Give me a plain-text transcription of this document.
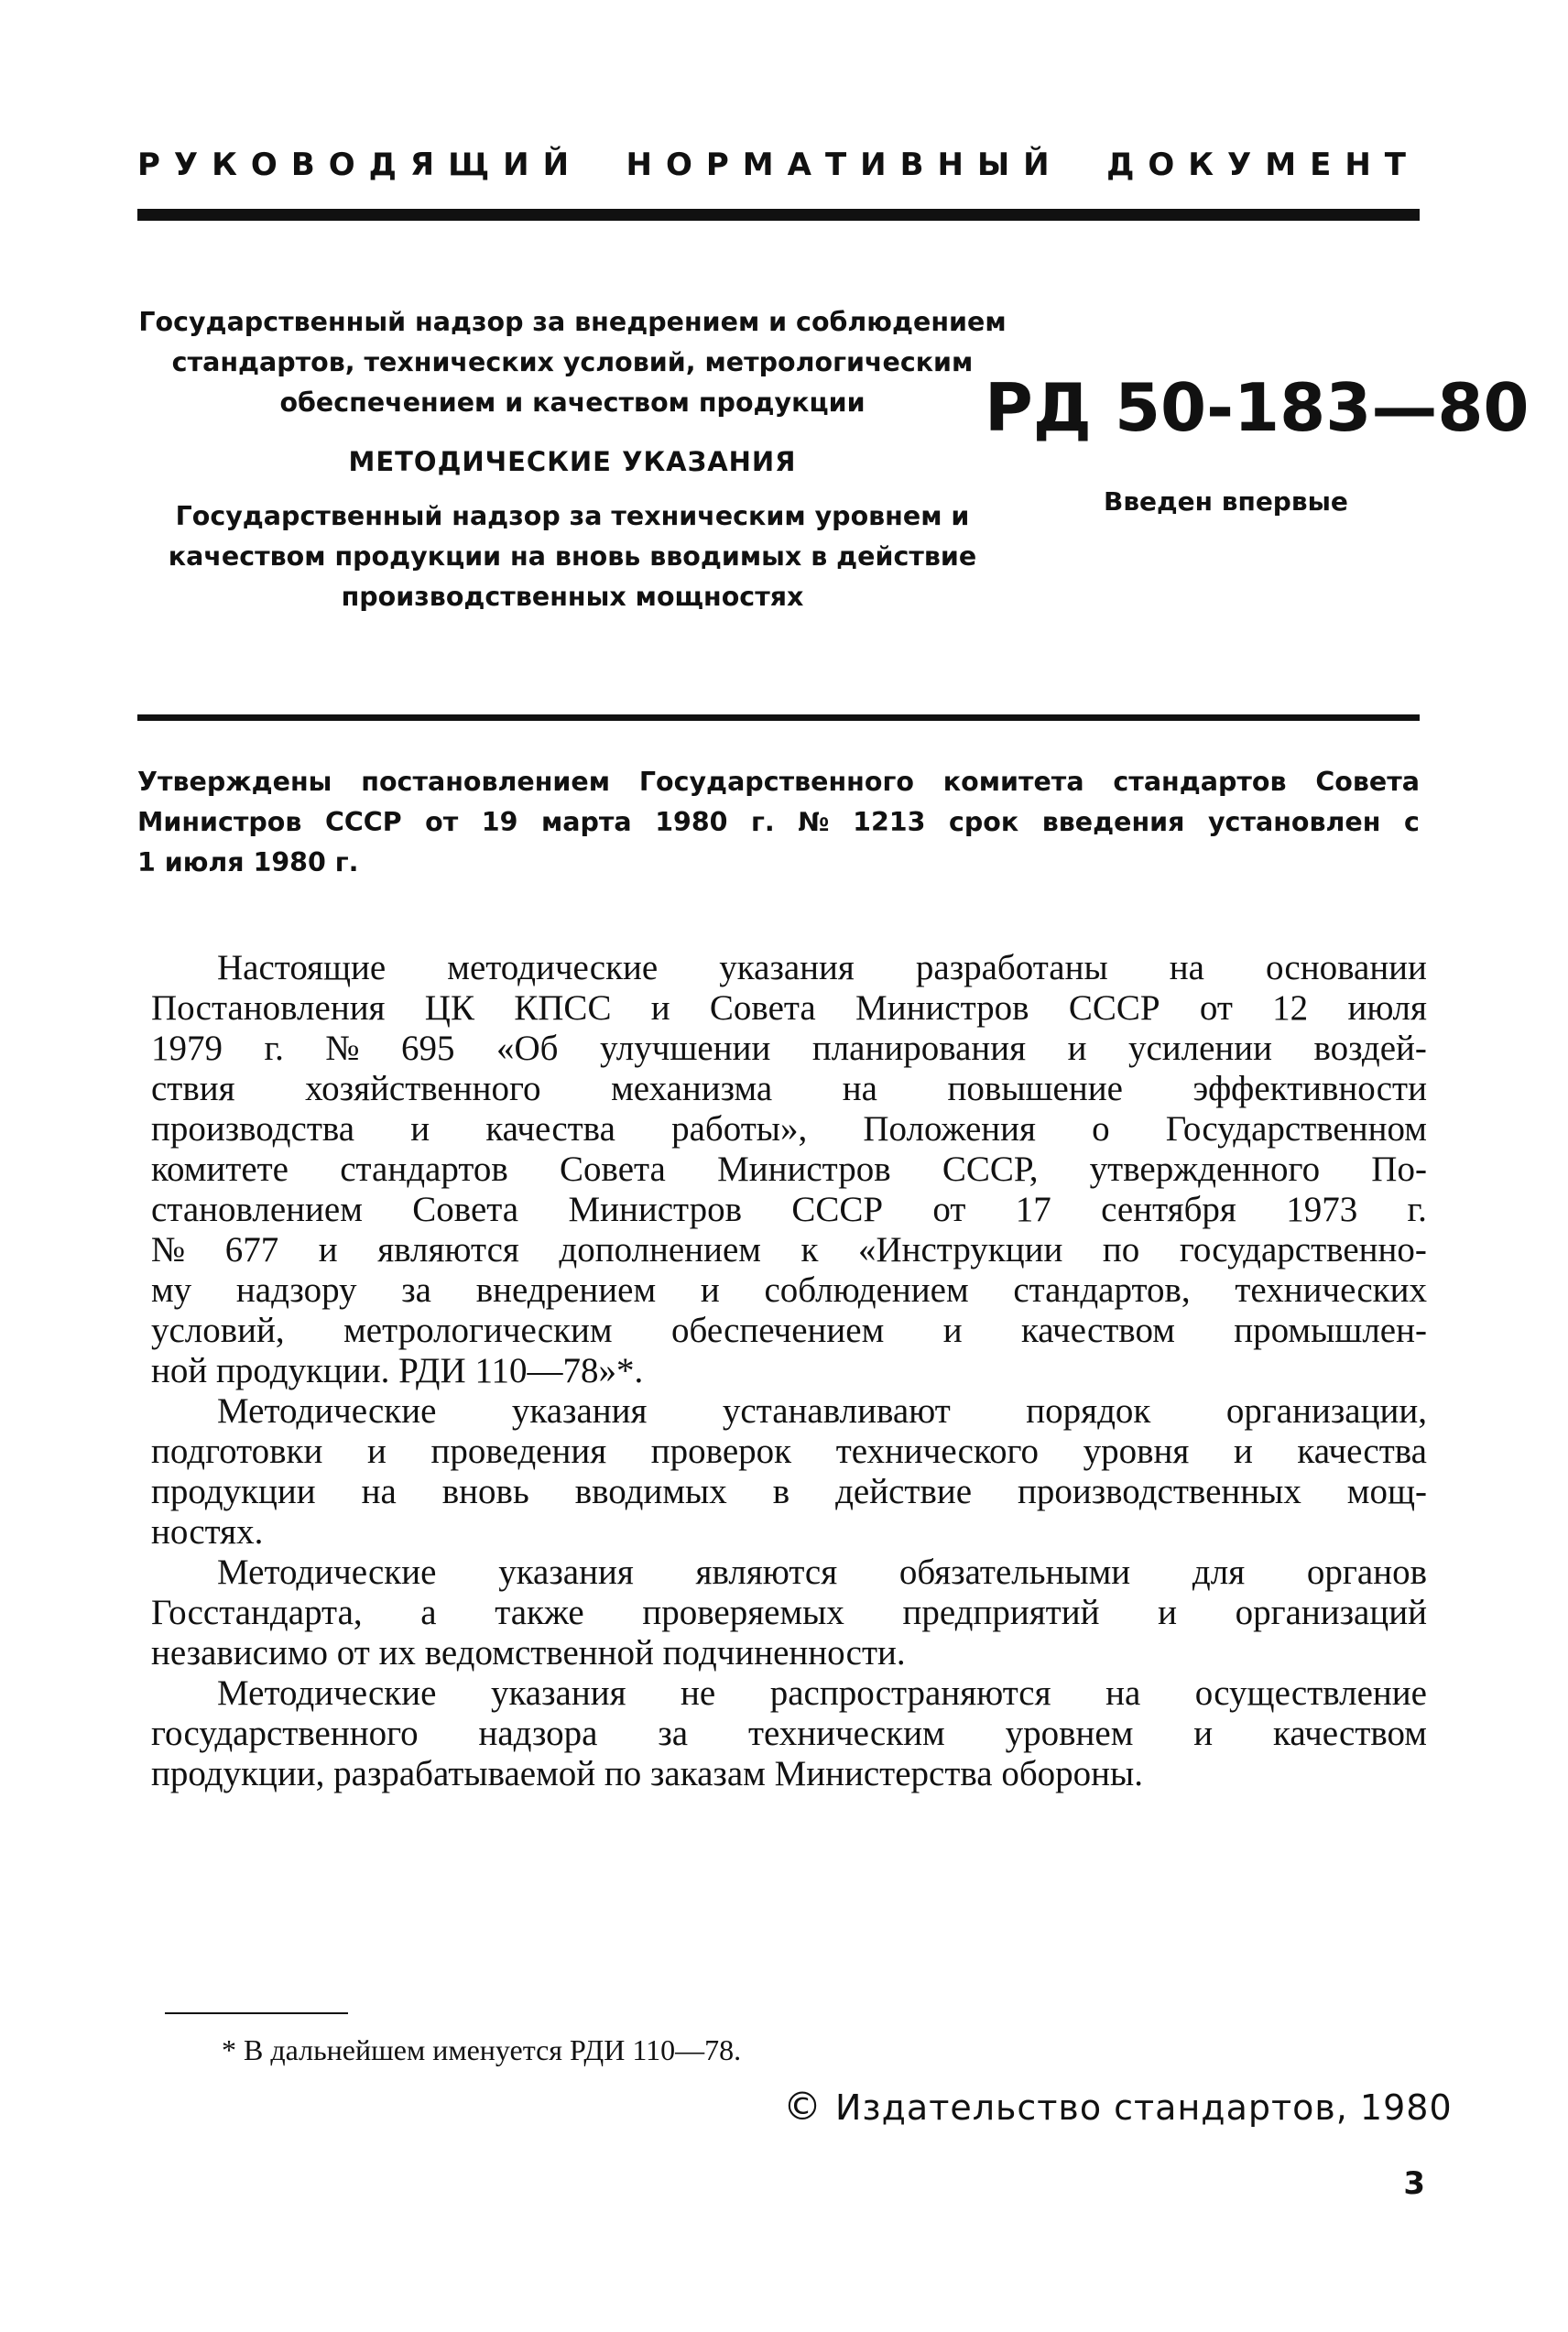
РУКОВОДЯЩИЙ НОРМАТИВНЫЙ ДОКУМЕНТ
Государственный надзор за внедрением и соблюдением
стандартов, технических условий, метрологическим
обеспечением и качеством продукции
МЕТОДИЧЕСКИЕ УКАЗАНИЯ
Государственный надзор за техническим уровнем и
качеством продукции на вновь вводимых в действие
производственных мощностях
РД 50-183—80
Введен впервые
Утверждены постановлением Государственного комитета стандартов Совета
Министров СССР от 19 марта 1980 г. № 1213 срок введения установлен с
1 июля 1980 г.
Настоящие методические указания разработаны на основании
Постановления ЦК КПСС и Совета Министров СССР от 12 июля
1979 г. № 695 «Об улучшении планирования и усилении воздей-
ствия хозяйственного механизма на повышение эффективности
производства и качества работы», Положения о Государственном
комитете стандартов Совета Министров СССР, утвержденного По-
становлением Совета Министров СССР от 17 сентября 1973 г.
№ 677 и являются дополнением к «Инструкции по государственно-
му надзору за внедрением и соблюдением стандартов, технических
условий, метрологическим обеспечением и качеством промышлен-
ной продукции. РДИ 110—78»*.
Методические указания устанавливают порядок организации,
подготовки и проведения проверок технического уровня и качества
продукции на вновь вводимых в действие производственных мощ-
ностях.
Методические указания являются обязательными для органов
Госстандарта, а также проверяемых предприятий и организаций
независимо от их ведомственной подчиненности.
Методические указания не распространяются на осуществление
государственного надзора за техническим уровнем и качеством
продукции, разрабатываемой по заказам Министерства обороны.
* В дальнейшем именуется РДИ 110—78.
© Издательство стандартов, 1980
3
